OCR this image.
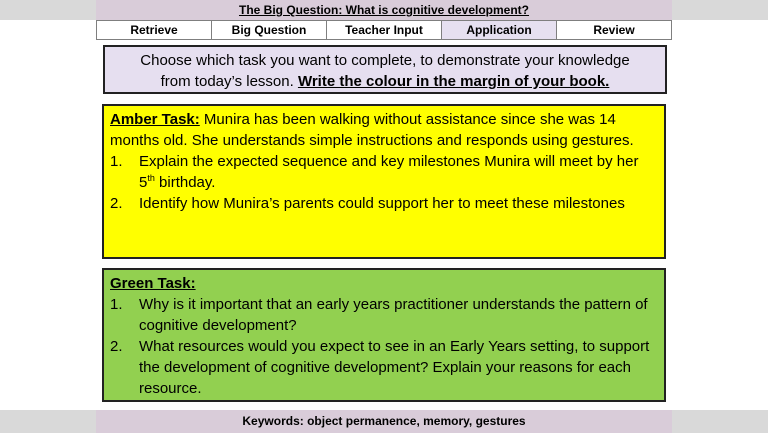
The Big Question: What is cognitive development?
Retrieve	Big Question	Teacher Input	Application	Review
Choose which task you want to complete, to demonstrate your knowledge
from today’s lesson. Write the colour in the margin of your book.
Amber Task: Munira has been walking without assistance since she was 14 months old. She understands simple instructions and responds using gestures.
1. Explain the expected sequence and key milestones Munira will meet by her 5th birthday.
2. Identify how Munira’s parents could support her to meet these milestones
Green Task:
1. Why is it important that an early years practitioner understands the pattern of cognitive development?
2. What resources would you expect to see in an Early Years setting, to support the development of cognitive development? Explain your reasons for each resource.
Keywords: object permanence, memory, gestures
